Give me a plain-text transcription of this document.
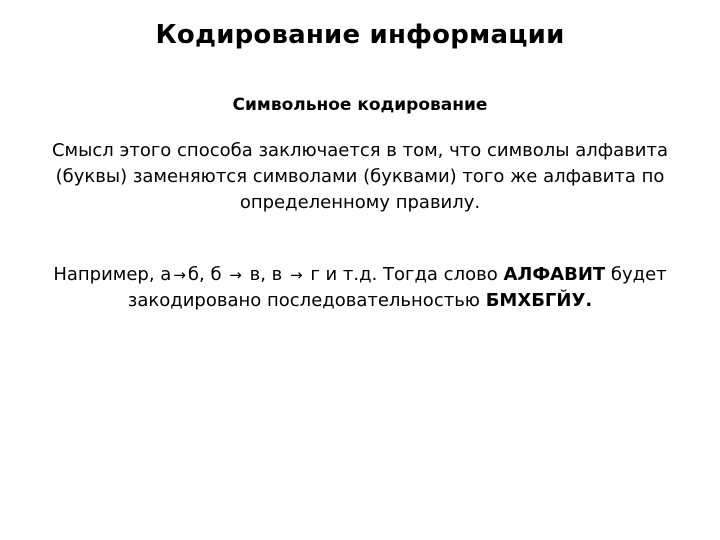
Кодирование информации
Символьное кодирование
Смысл этого способа заключается в том, что символы алфавита (буквы) заменяются символами (буквами) того же алфавита по определенному правилу.
Например, а → б, б → в, в → г и т.д. Тогда слово АЛФАВИТ будет закодировано последовательностью БМХБГЙУ.
